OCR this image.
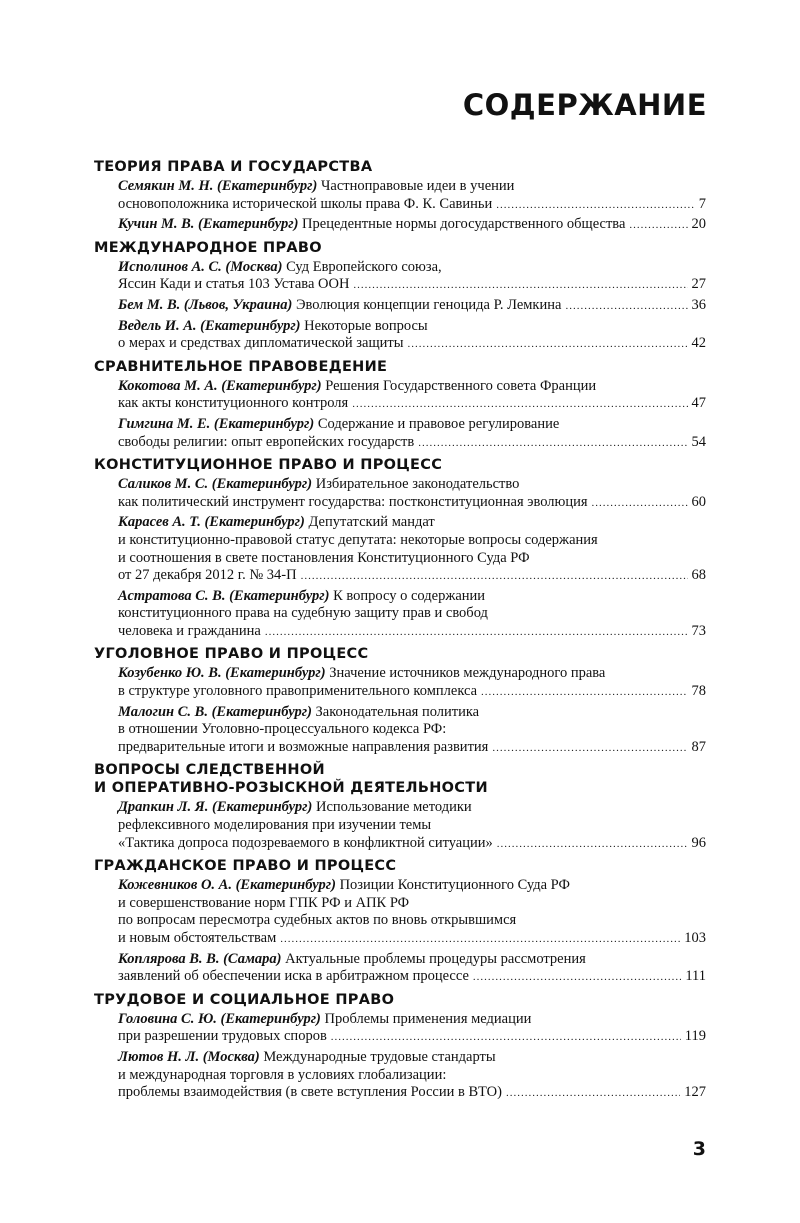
СОДЕРЖАНИЕ
ТЕОРИЯ ПРАВА И ГОСУДАРСТВА
Семякин М. Н. (Екатеринбург) Частноправовые идеи в учении
основоположника исторической школы права Ф. К. Савиньи .....	7
Кучин М. В. (Екатеринбург) Прецедентные нормы догосударственного общества .....	20
МЕЖДУНАРОДНОЕ ПРАВО
Исполинов А. С. (Москва) Суд Европейского союза,
Яссин Кади и статья 103 Устава ООН .....	27
Бем М. В. (Львов, Украина) Эволюция концепции геноцида Р. Лемкина .....	36
Ведель И. А. (Екатеринбург) Некоторые вопросы
о мерах и средствах дипломатической защиты .....	42
СРАВНИТЕЛЬНОЕ ПРАВОВЕДЕНИЕ
Кокотова М. А. (Екатеринбург) Решения Государственного совета Франции
как акты конституционного контроля .....	47
Гимгина М. Е. (Екатеринбург) Содержание и правовое регулирование
свободы религии: опыт европейских государств .....	54
КОНСТИТУЦИОННОЕ ПРАВО И ПРОЦЕСС
Саликов М. С. (Екатеринбург) Избирательное законодательство
как политический инструмент государства: постконституционная эволюция .....	60
Карасев А. Т. (Екатеринбург) Депутатский мандат
и конституционно-правовой статус депутата: некоторые вопросы содержания
и соотношения в свете постановления Конституционного Суда РФ
от 27 декабря 2012 г. № 34-П .....	68
Астратова С. В. (Екатеринбург) К вопросу о содержании
конституционного права на судебную защиту прав и свобод
человека и гражданина .....	73
УГОЛОВНОЕ ПРАВО И ПРОЦЕСС
Козубенко Ю. В. (Екатеринбург) Значение источников международного права
в структуре уголовного правоприменительного комплекса .....	78
Малогин С. В. (Екатеринбург) Законодательная политика
в отношении Уголовно-процессуального кодекса РФ:
предварительные итоги и возможные направления развития .....	87
ВОПРОСЫ СЛЕДСТВЕННОЙ
И ОПЕРАТИВНО-РОЗЫСКНОЙ ДЕЯТЕЛЬНОСТИ
Драпкин Л. Я. (Екатеринбург) Использование методики
рефлексивного моделирования при изучении темы
«Тактика допроса подозреваемого в конфликтной ситуации» .....	96
ГРАЖДАНСКОЕ ПРАВО И ПРОЦЕСС
Кожевников О. А. (Екатеринбург) Позиции Конституционного Суда РФ
и совершенствование норм ГПК РФ и АПК РФ
по вопросам пересмотра судебных актов по вновь открывшимся
и новым обстоятельствам .....	103
Коплярова В. В. (Самара) Актуальные проблемы процедуры рассмотрения
заявлений об обеспечении иска в арбитражном процессе .....	111
ТРУДОВОЕ И СОЦИАЛЬНОЕ ПРАВО
Головина С. Ю. (Екатеринбург) Проблемы применения медиации
при разрешении трудовых споров .....	119
Лютов Н. Л. (Москва) Международные трудовые стандарты
и международная торговля в условиях глобализации:
проблемы взаимодействия (в свете вступления России в ВТО) .....	127
3
